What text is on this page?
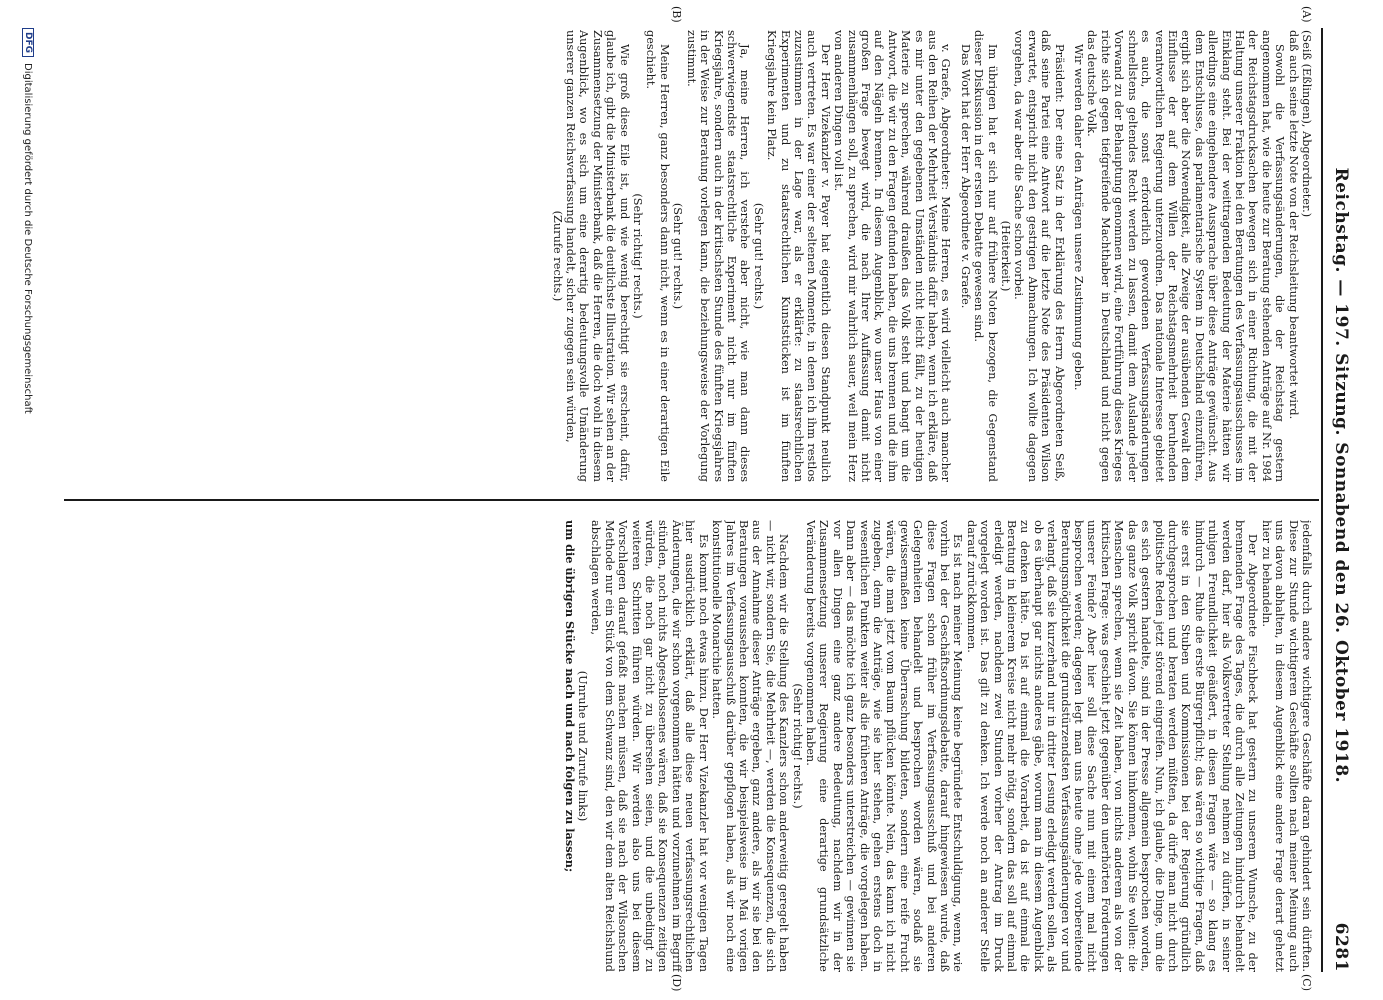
Reichstag. — 197. Sitzung. Sonnabend den 26. Oktober 1918.
6281
(A)
(B)
(C)
(D)

(Seiß (Eßlingen), Abgeordneter.)

daß auch seine letzte Note von der Reichsleitung beantwortet wird.

Sowohl die Verfassungsänderungen, die der Reichstag gestern angenommen hat, wie die heute zur Beratung stehenden Anträge auf Nr. 1984 der Reichstagsdrucksachen bewegen sich in einer Richtung, die mit der Haltung unserer Fraktion bei den Beratungen des Verfassungsausschusses im Einklang steht. Bei der weittragenden Bedeutung der Materie hätten wir allerdings eine eingehendere Aussprache über diese Anträge gewünscht. Aus dem Entschlusse, das parlamentarische System in Deutschland einzuführen, ergibt sich aber die Notwendigkeit, alle Zweige der ausübenden Gewalt dem Einflusse der auf dem Willen der Reichstagsmehrheit beruhenden verantwortlichen Regierung unterzuordnen. Das nationale Interesse gebietet es auch, die sonst erforderlich gewordenen Verfassungsänderungen schnellstens geltendes Recht werden zu lassen, damit dem Auslande jeder Vorwand zu der Behauptung genommen wird, eine Fortführung dieses Krieges richte sich gegen tiefgreifende Machthaber in Deutschland und nicht gegen das deutsche Volk.

Wir werden daher den Anträgen unsere Zustimmung geben.

Präsident: Der eine Satz in der Erklärung des Herrn Abgeordneten Seiß, daß seine Partei eine Antwort auf die letzte Note des Präsidenten Wilson erwartet, entspricht nicht den gestrigen Abmachungen. Ich wollte dagegen vorgehen, da war aber die Sache schon vorbei.

(Heiterkeit.)

Im übrigen hat er sich nur auf frühere Noten bezogen, die Gegenstand dieser Diskussion in der ersten Debatte gewesen sind.

Das Wort hat der Herr Abgeordnete v. Graefe.

v. Graefe, Abgeordneter: Meine Herren, es wird vielleicht auch mancher aus den Reihen der Mehrheit Verständnis dafür haben, wenn ich erkläre, daß es mir unter den gegebenen Umständen nicht leicht fällt, zu der heutigen Materie zu sprechen, während draußen das Volk steht und bangt um die Antwort, die wir zu den Fragen gefunden haben, die uns brennen und die ihm auf den Nägeln brennen. In diesem Augenblick, wo unser Haus von einer großen Frage bewegt wird, die nach Ihrer Auffassung damit nicht zusammenhängen soll, zu sprechen, wird mir wahrlich sauer, weil mein Herz von anderen Dingen voll ist.

Der Herr Vizekanzler v. Payer hat eigentlich diesen Standpunkt neulich auch vertreten. Es war einer der seltenen Momente, in denen ich ihm restlos zuzustimmen in der Lage war, als er erklärte: zu staatsrechtlichen Experimenten und zu staatsrechtlichen Kunststücken ist im fünften Kriegsjahre kein Platz.

(Sehr gut! rechts.)

Ja, meine Herren, ich verstehe aber nicht, wie man dann dieses schwerwiegendste staatsrechtliche Experiment nicht nur im fünften Kriegsjahre, sondern auch in der kritischsten Stunde des fünften Kriegsjahres in der Weise zur Beratung vorlegen kann, die beziehungsweise der Vorlegung zustimmt.

(Sehr gut! rechts.)

Meine Herren, ganz besonders dann nicht, wenn es in einer derartigen Eile geschieht.

(Sehr richtig! rechts.)

Wie groß diese Eile ist, und wie wenig berechtigt sie erscheint, dafür, glaube ich, gibt die Ministerbank die deutlichste Illustration. Wir sehen an der Zusammensetzung der Ministerbank, daß die Herren, die doch wohl in diesem Augenblick, wo es sich um eine derartig bedeutungsvolle Umänderung unserer ganzen Reichsverfassung handelt, sicher zugegen sein würden,

(Zurufe rechts.)

jedenfalls durch andere wichtigere Geschäfte daran gehindert sein dürften. Diese zur Stunde wichtigeren Geschäfte sollten nach meiner Meinung auch uns davon abhalten, in diesem Augenblick eine andere Frage derart gehetzt hier zu behandeln.

Der Abgeordnete Fischbeck hat gestern zu unserem Wunsche, zu der brennenden Frage des Tages, die durch alle Zeitungen hindurch behandelt werden darf, hier als Volksvertreter Stellung nehmen zu dürfen, in seiner ruhigen Freundlichkeit geäußert, in diesen Fragen wäre — so klang es hindurch — Ruhe die erste Bürgerpflicht; das wären so wichtige Fragen, daß sie erst in den Stuben und Kommissionen bei der Regierung gründlich durchgesprochen und beraten werden müßten, da dürfe man nicht durch politische Reden jetzt störend eingreifen. Nun, ich glaube, die Dinge, um die es sich gestern handelte, sind in der Presse allgemein besprochen worden, das ganze Volk spricht davon. Sie können hinkommen, wohin Sie wollen: die Menschen sprechen, wenn sie Zeit haben, von nichts anderem als von der kritischen Frage: was geschieht jetzt gegenüber den unerhörten Forderungen unserer Feinde? Aber hier soll diese Sache nun mit einem mal nicht besprochen werden; dagegen legt man uns heute ohne jede vorbereitende Beratungsmöglichkeit die grundstürzendsten Verfassungsänderungen vor und verlangt, daß sie kurzerhand nur in dritter Lesung erledigt werden sollen, als ob es überhaupt gar nichts anderes gäbe, worum man in diesem Augenblick zu denken hätte. Da ist auf einmal die Vorarbeit, da ist auf einmal die Beratung in kleinerem Kreise nicht mehr nötig, sondern das soll auf einmal erledigt werden, nachdem zwei Stunden vorher der Antrag im Druck vorgelegt worden ist. Das gilt zu denken. Ich werde noch an anderer Stelle darauf zurückkommen.

Es ist nach meiner Meinung keine begründete Entschuldigung, wenn, wie vorhin bei der Geschäftsordnungsdebatte, darauf hingewiesen wurde, daß diese Fragen schon früher im Verfassungsausschuß und bei anderen Gelegenheiten behandelt und besprochen worden wären, sodaß sie gewissermaßen keine Überraschung bildeten, sondern eine reife Frucht wären, die man jetzt vom Baum pflücken könnte. Nein, das kann ich nicht zugeben, denn die Anträge, wie sie hier stehen, gehen erstens doch in wesentlichen Punkten weiter als die früheren Anträge, die vorgelegen haben. Dann aber — das möchte ich ganz besonders unterstreichen — gewinnen sie vor allen Dingen eine ganz andere Bedeutung, nachdem wir in der Zusammensetzung unserer Regierung eine derartige grundsätzliche Veränderung bereits vorgenommen haben.

(Sehr richtig! rechts.)

Nachdem wir die Stellung des Kanzlers schon anderweitig geregelt haben — nicht wir, sondern Sie, die Mehrheit —, werden die Konsequenzen, die sich aus der Annahme dieser Anträge ergeben, ganz andere, als wir sie bei den Beratungen voraussehen konnten, die wir beispielsweise im Mai vorigen Jahres im Verfassungsausschuß darüber gepflogen haben, als wir noch eine konstitutionelle Monarchie hatten.

Es kommt noch etwas hinzu. Der Herr Vizekanzler hat vor wenigen Tagen hier ausdrücklich erklärt, daß alle diese neuen verfassungsrechtlichen Änderungen, die wir schon vorgenommen hätten und vorzunehmen im Begriff stünden, noch nichts Abgeschlossenes wären, daß sie Konsequenzen zeitigen würden, die noch gar nicht zu übersehen seien, und die unbedingt zu weiteren Schritten führen würden. Wir werden also uns bei diesem Vorschlagen darauf gefaßt machen müssen, daß sie nach der Wilsonschen Methode nur ein Stück von dem Schwanz sind, den wir dem alten Reichshund abschlagen werden,

(Unruhe und Zurufe links)

um die übrigen Stücke nach und nach folgen zu lassen;

DFG
Digitalisierung gefördert durch die Deutsche Forschungsgemeinschaft
